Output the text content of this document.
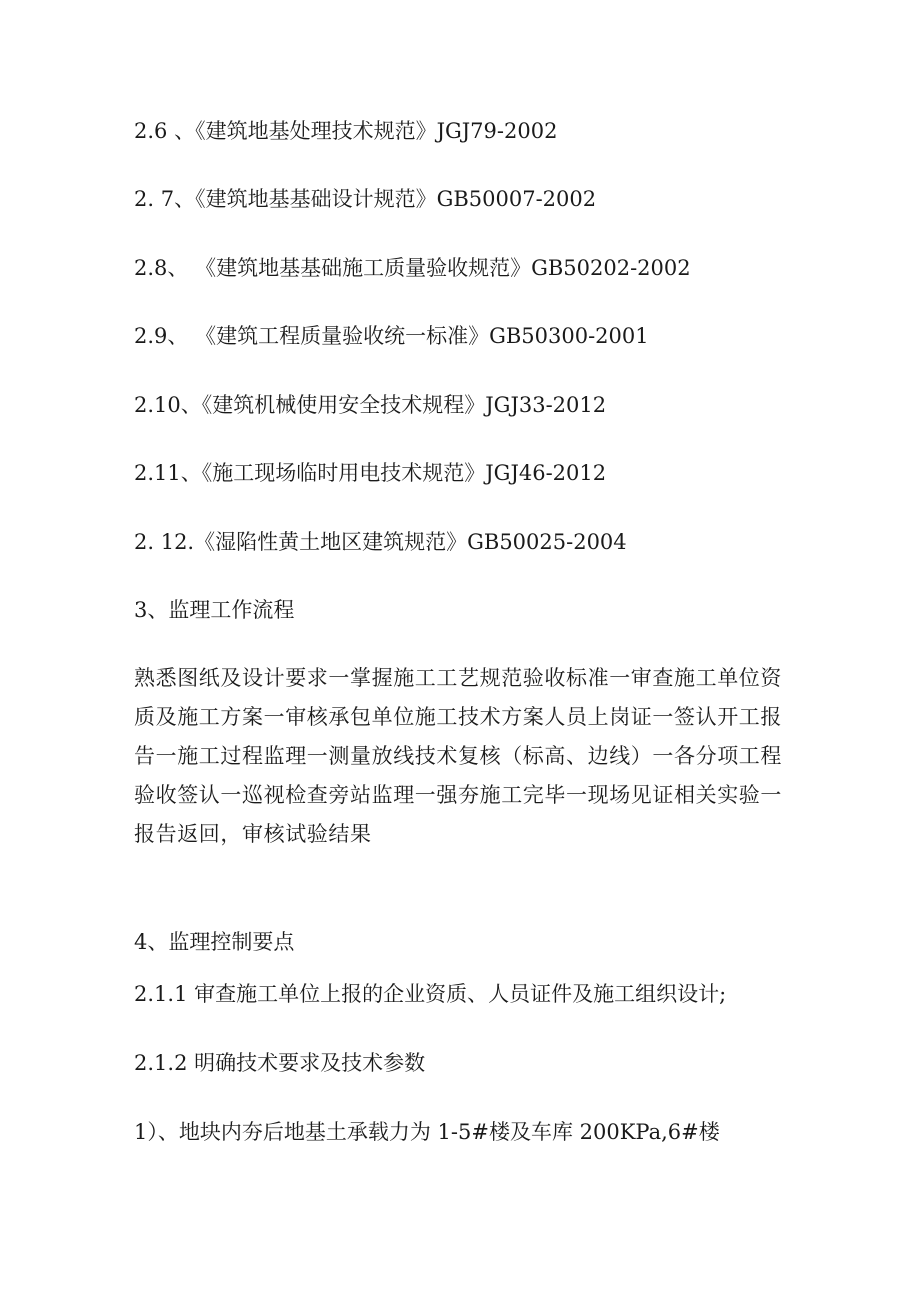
2.6 、《建筑地基处理技术规范》JGJ79-2002
2. 7、《建筑地基基础设计规范》GB50007-2002
2.8、 《建筑地基基础施工质量验收规范》GB50202-2002
2.9、 《建筑工程质量验收统一标准》GB50300-2001
2.10、《建筑机械使用安全技术规程》JGJ33-2012
2.11、《施工现场临时用电技术规范》JGJ46-2012
2. 12.《湿陷性黄土地区建筑规范》GB50025-2004
3、监理工作流程
熟悉图纸及设计要求一掌握施工工艺规范验收标准一审查施工单位资质及施工方案一审核承包单位施工技术方案人员上岗证一签认开工报告一施工过程监理一测量放线技术复核（标高、边线）一各分项工程验收签认一巡视检查旁站监理一强夯施工完毕一现场见证相关实验一报告返回，审核试验结果
4、监理控制要点
2.1.1 审查施工单位上报的企业资质、人员证件及施工组织设计;
2.1.2 明确技术要求及技术参数
1）、地块内夯后地基土承载力为 1-5#楼及车库 200KPa,6#楼
